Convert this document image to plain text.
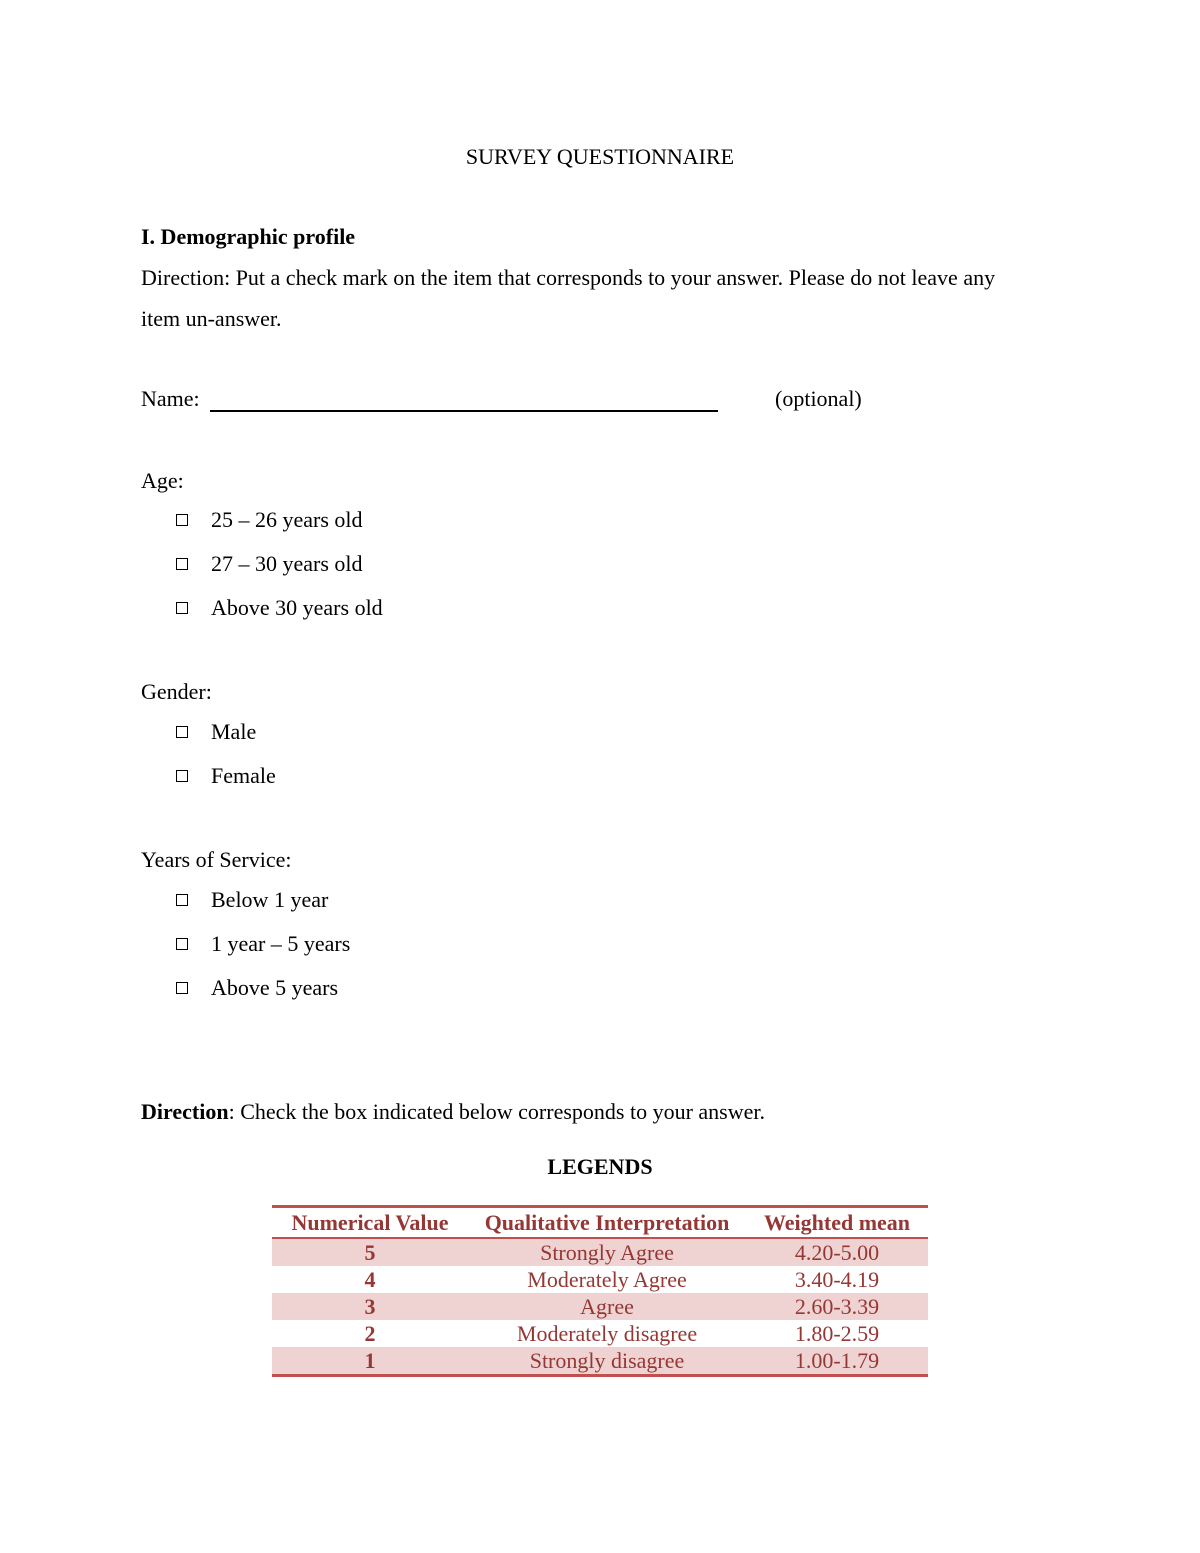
SURVEY QUESTIONNAIRE
I. Demographic profile
Direction: Put a check mark on the item that corresponds to your answer. Please do not leave any
item un-answer.
Name:	(optional)
Age:
25 – 26 years old
27 – 30 years old
Above 30 years old
Gender:
Male
Female
Years of Service:
Below 1 year
1 year – 5 years
Above 5 years
Direction: Check the box indicated below corresponds to your answer.
LEGENDS
Numerical Value	Qualitative Interpretation	Weighted mean
5	Strongly Agree	4.20-5.00
4	Moderately Agree	3.40-4.19
3	Agree	2.60-3.39
2	Moderately disagree	1.80-2.59
1	Strongly disagree	1.00-1.79
